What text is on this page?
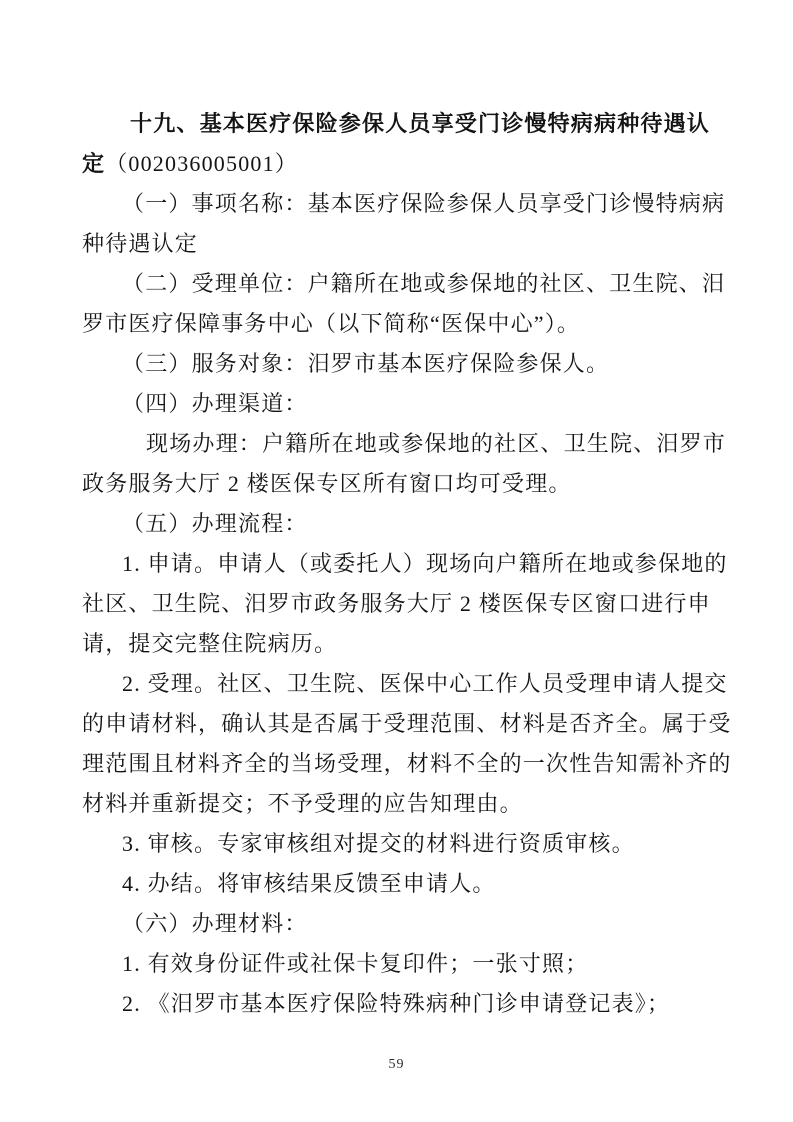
十九、基本医疗保险参保人员享受门诊慢特病病种待遇认
定（002036005001）
（一）事项名称：基本医疗保险参保人员享受门诊慢特病病
种待遇认定
（二）受理单位：户籍所在地或参保地的社区、卫生院、汨
罗市医疗保障事务中心（以下简称“医保中心”）。
（三）服务对象：汨罗市基本医疗保险参保人。
（四）办理渠道：
现场办理：户籍所在地或参保地的社区、卫生院、汨罗市
政务服务大厅 2 楼医保专区所有窗口均可受理。
（五）办理流程：
1. 申请。申请人（或委托人）现场向户籍所在地或参保地的
社区、卫生院、汨罗市政务服务大厅 2 楼医保专区窗口进行申
请，提交完整住院病历。
2. 受理。社区、卫生院、医保中心工作人员受理申请人提交
的申请材料，确认其是否属于受理范围、材料是否齐全。属于受
理范围且材料齐全的当场受理，材料不全的一次性告知需补齐的
材料并重新提交；不予受理的应告知理由。
3. 审核。专家审核组对提交的材料进行资质审核。
4. 办结。将审核结果反馈至申请人。
（六）办理材料：
1. 有效身份证件或社保卡复印件；一张寸照；
2. 《汨罗市基本医疗保险特殊病种门诊申请登记表》；
59
